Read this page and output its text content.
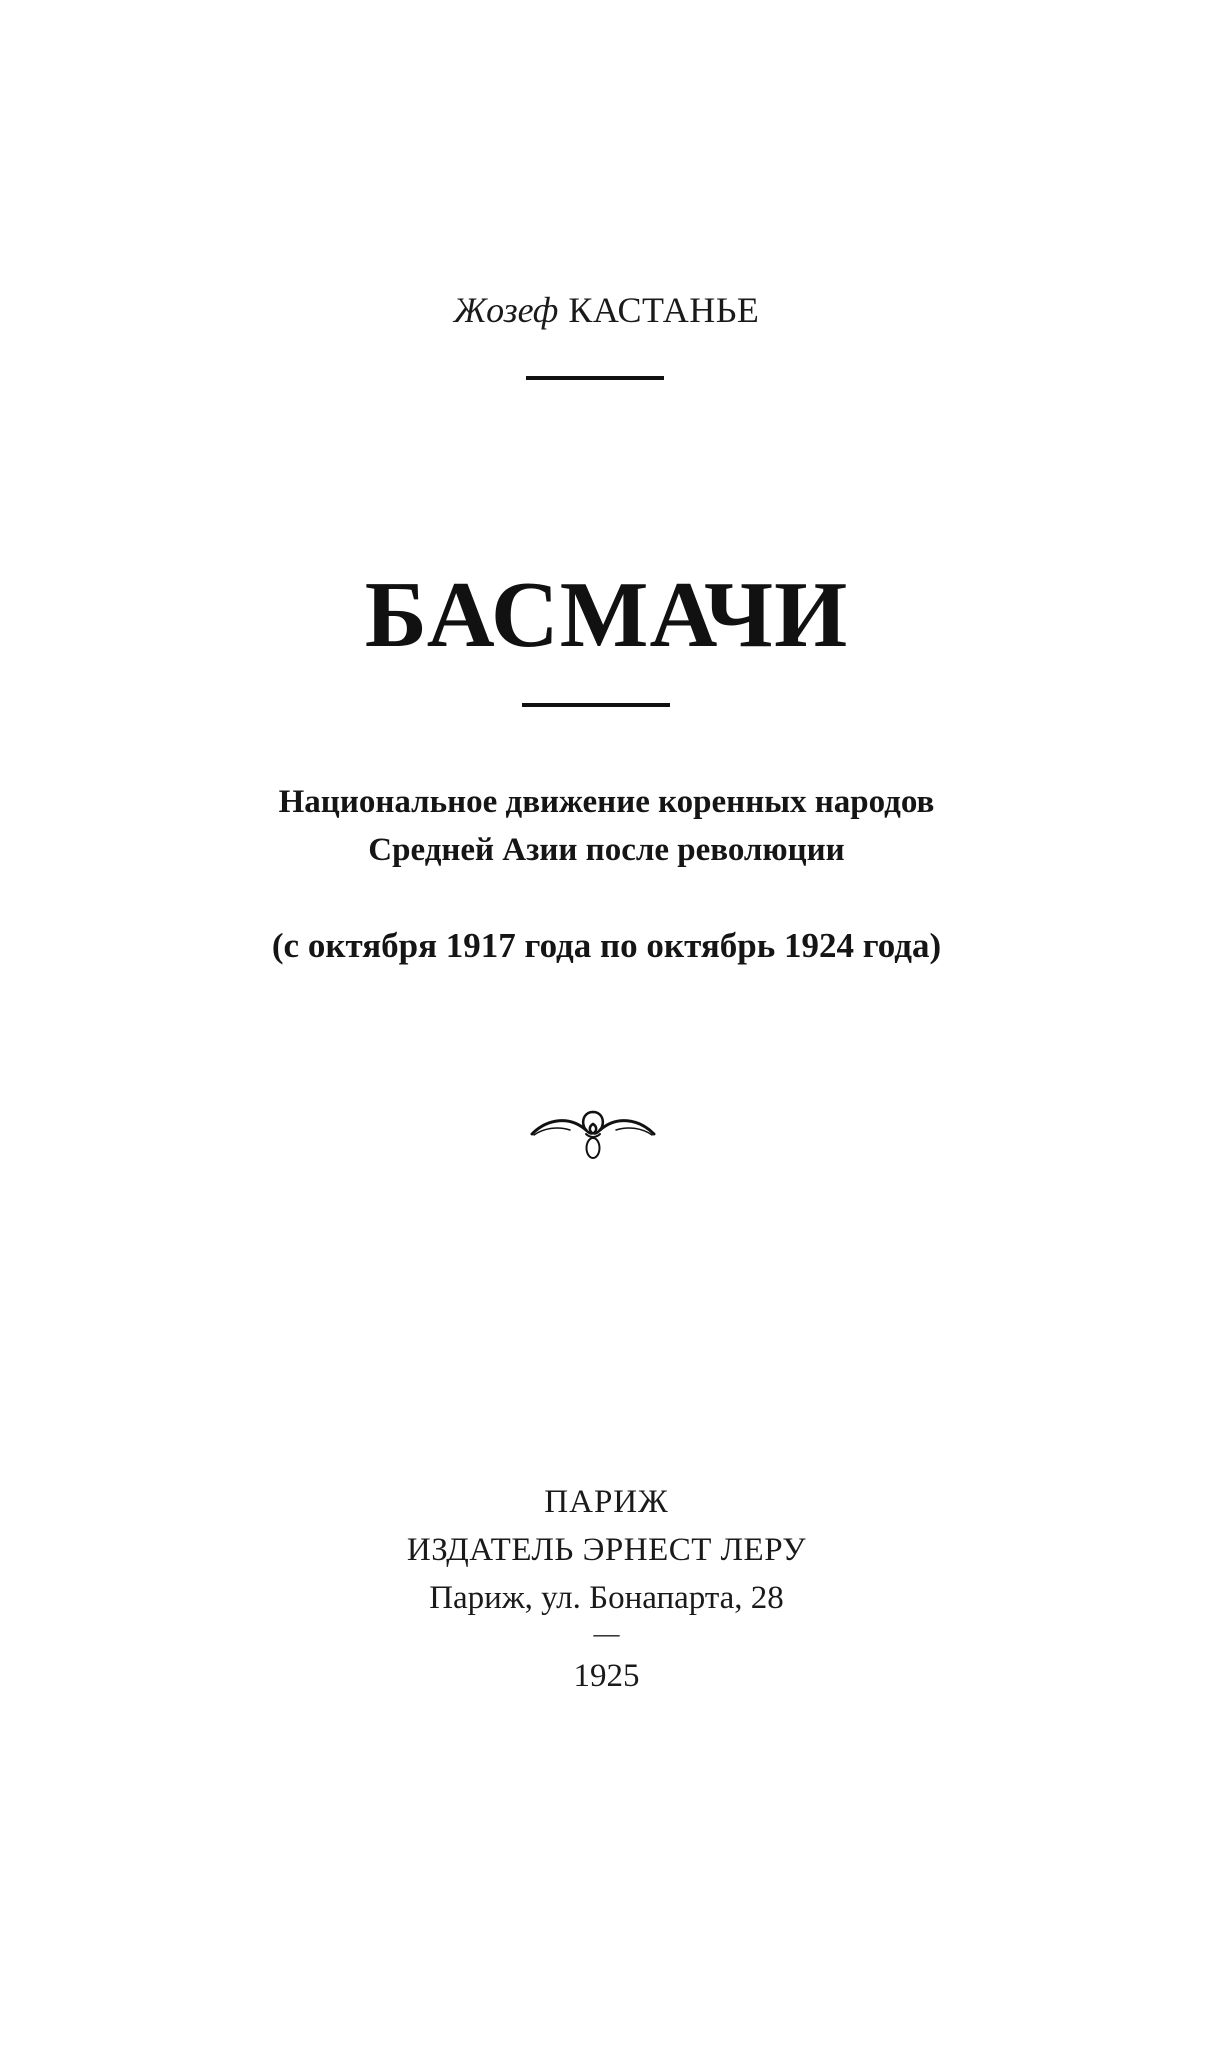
Жозеф КАСТАНЬЕ
БАСМАЧИ
Национальное движение коренных народов
Средней Азии после революции
(с октября 1917 года по октябрь 1924 года)
ПАРИЖ
ИЗДАТЕЛЬ ЭРНЕСТ ЛЕРУ
Париж, ул. Бонапарта, 28
—
1925
